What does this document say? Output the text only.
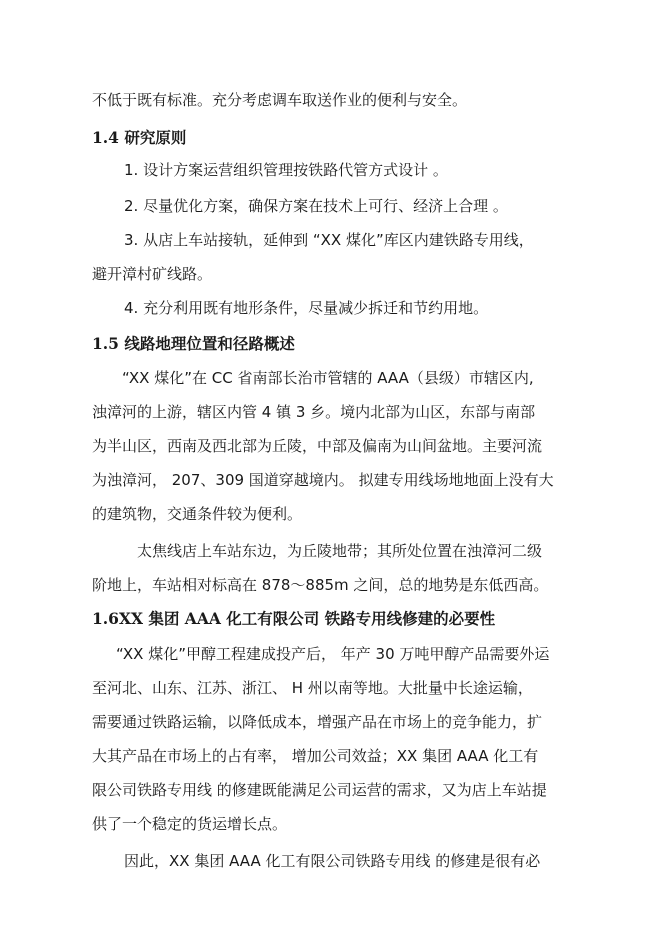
不低于既有标准。充分考虑调车取送作业的便利与安全。
1.4 研究原则
1. 设计方案运营组织管理按铁路代管方式设计 。
2. 尽量优化方案，确保方案在技术上可行、经济上合理 。
3. 从店上车站接轨，延伸到 “XX 煤化”库区内建铁路专用线，
避开漳村矿线路。
4. 充分利用既有地形条件，尽量减少拆迁和节约用地。
1.5 线路地理位置和径路概述
“XX 煤化”在 CC 省南部长治市管辖的 AAA（县级）市辖区内,
浊漳河的上游，辖区内管 4 镇 3 乡。境内北部为山区，东部与南部
为半山区，西南及西北部为丘陵，中部及偏南为山间盆地。主要河流
为浊漳河， 207、309 国道穿越境内。 拟建专用线场地地面上没有大
的建筑物，交通条件较为便利。
太焦线店上车站东边，为丘陵地带；其所处位置在浊漳河二级
阶地上，车站相对标高在 878～885m 之间，总的地势是东低西高。
1.6XX 集团 AAA 化工有限公司 铁路专用线修建的必要性
“XX 煤化”甲醇工程建成投产后， 年产 30 万吨甲醇产品需要外运
至河北、山东、江苏、浙江、 H 州以南等地。大批量中长途运输，
需要通过铁路运输，以降低成本，增强产品在市场上的竞争能力，扩
大其产品在市场上的占有率， 增加公司效益；XX 集团 AAA 化工有
限公司铁路专用线 的修建既能满足公司运营的需求，又为店上车站提
供了一个稳定的货运增长点。
因此，XX 集团 AAA 化工有限公司铁路专用线 的修建是很有必
